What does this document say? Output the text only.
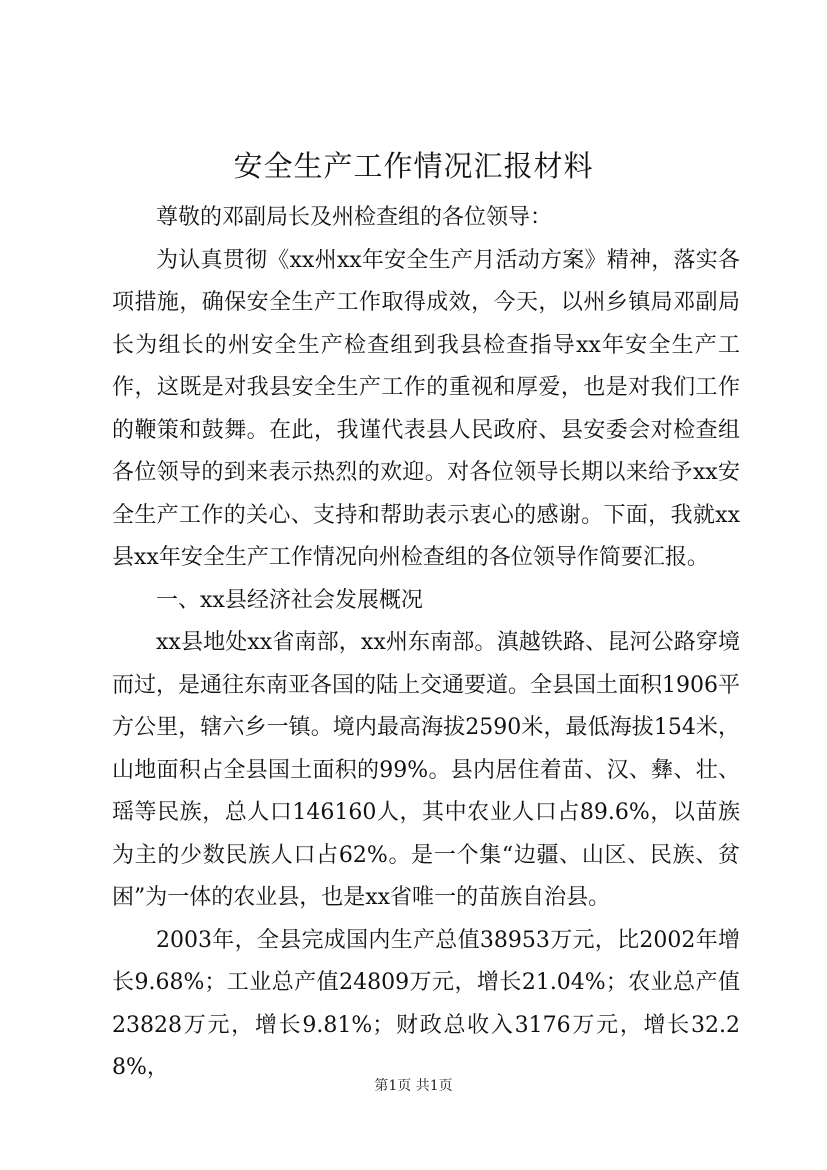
安全生产工作情况汇报材料

尊敬的邓副局长及州检查组的各位领导：

为认真贯彻《xx州xx年安全生产月活动方案》精神，落实各项措施，确保安全生产工作取得成效，今天，以州乡镇局邓副局长为组长的州安全生产检查组到我县检查指导xx年安全生产工作，这既是对我县安全生产工作的重视和厚爱，也是对我们工作的鞭策和鼓舞。在此，我谨代表县人民政府、县安委会对检查组各位领导的到来表示热烈的欢迎。对各位领导长期以来给予xx安全生产工作的关心、支持和帮助表示衷心的感谢。下面，我就xx县xx年安全生产工作情况向州检查组的各位领导作简要汇报。

一、xx县经济社会发展概况

xx县地处xx省南部，xx州东南部。滇越铁路、昆河公路穿境而过，是通往东南亚各国的陆上交通要道。全县国土面积1906平方公里，辖六乡一镇。境内最高海拔2590米，最低海拔154米，山地面积占全县国土面积的99%。县内居住着苗、汉、彝、壮、瑶等民族，总人口146160人，其中农业人口占89.6%，以苗族为主的少数民族人口占62%。是一个集“边疆、山区、民族、贫困”为一体的农业县，也是xx省唯一的苗族自治县。

2003年，全县完成国内生产总值38953万元，比2002年增长9.68%；工业总产值24809万元，增长21.04%；农业总产值23828万元，增长9.81%；财政总收入3176万元，增长32.28%，

第1页 共1页
